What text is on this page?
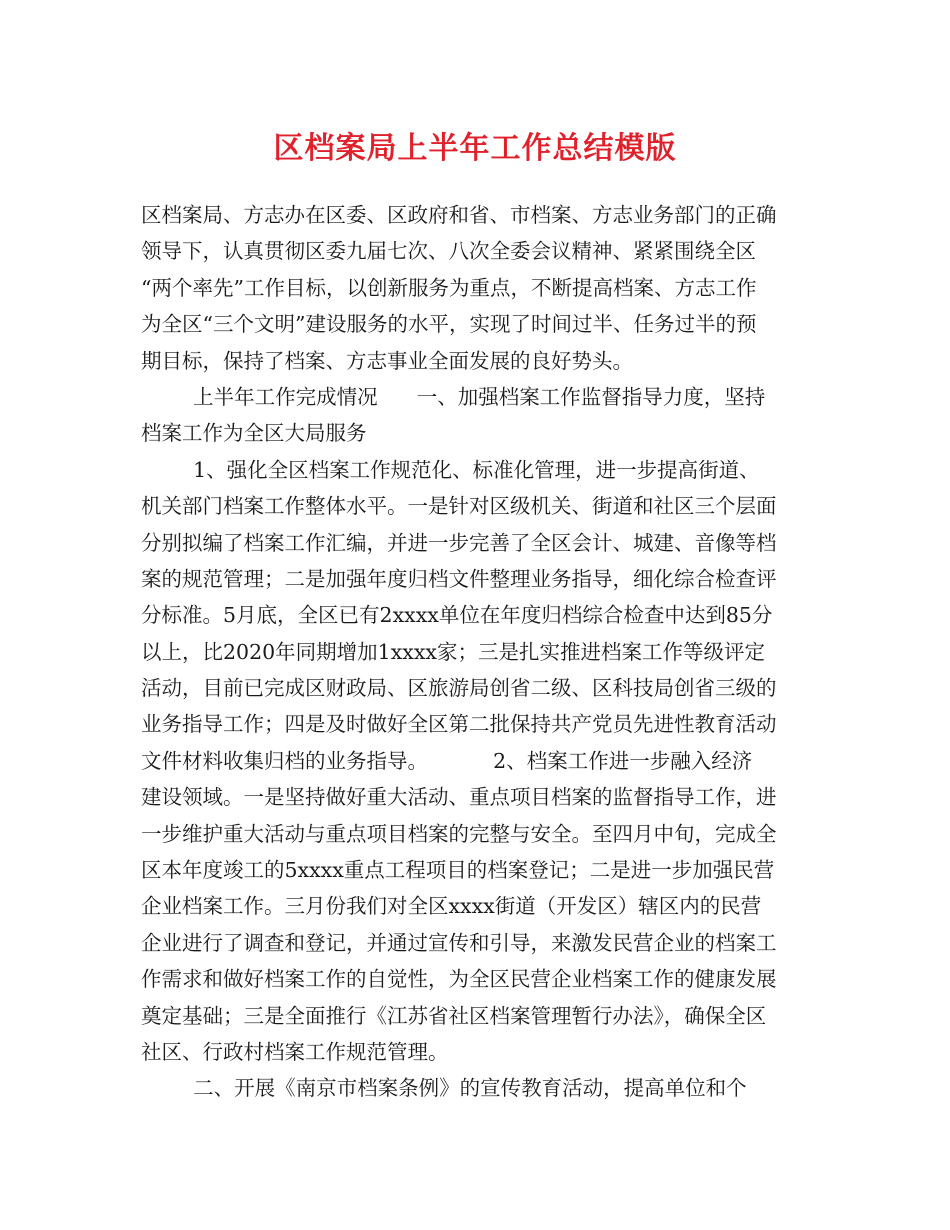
区档案局上半年工作总结模版
区档案局、方志办在区委、区政府和省、市档案、方志业务部门的正确
领导下，认真贯彻区委九届七次、八次全委会议精神、紧紧围绕全区
“两个率先”工作目标，以创新服务为重点，不断提高档案、方志工作
为全区“三个文明”建设服务的水平，实现了时间过半、任务过半的预
期目标，保持了档案、方志事业全面发展的良好势头。
上半年工作完成情况      一、加强档案工作监督指导力度，坚持
档案工作为全区大局服务
1、强化全区档案工作规范化、标准化管理，进一步提高街道、
机关部门档案工作整体水平。一是针对区级机关、街道和社区三个层面
分别拟编了档案工作汇编，并进一步完善了全区会计、城建、音像等档
案的规范管理；二是加强年度归档文件整理业务指导，细化综合检查评
分标准。5月底，全区已有2xxxx单位在年度归档综合检查中达到85分
以上，比2020年同期增加1xxxx家；三是扎实推进档案工作等级评定
活动，目前已完成区财政局、区旅游局创省二级、区科技局创省三级的
业务指导工作；四是及时做好全区第二批保持共产党员先进性教育活动
文件材料收集归档的业务指导。          2、档案工作进一步融入经济
建设领域。一是坚持做好重大活动、重点项目档案的监督指导工作，进
一步维护重大活动与重点项目档案的完整与安全。至四月中旬，完成全
区本年度竣工的5xxxx重点工程项目的档案登记；二是进一步加强民营
企业档案工作。三月份我们对全区xxxx街道（开发区）辖区内的民营
企业进行了调查和登记，并通过宣传和引导，来激发民营企业的档案工
作需求和做好档案工作的自觉性，为全区民营企业档案工作的健康发展
奠定基础；三是全面推行《江苏省社区档案管理暂行办法》，确保全区
社区、行政村档案工作规范管理。
二、开展《南京市档案条例》的宣传教育活动，提高单位和个
